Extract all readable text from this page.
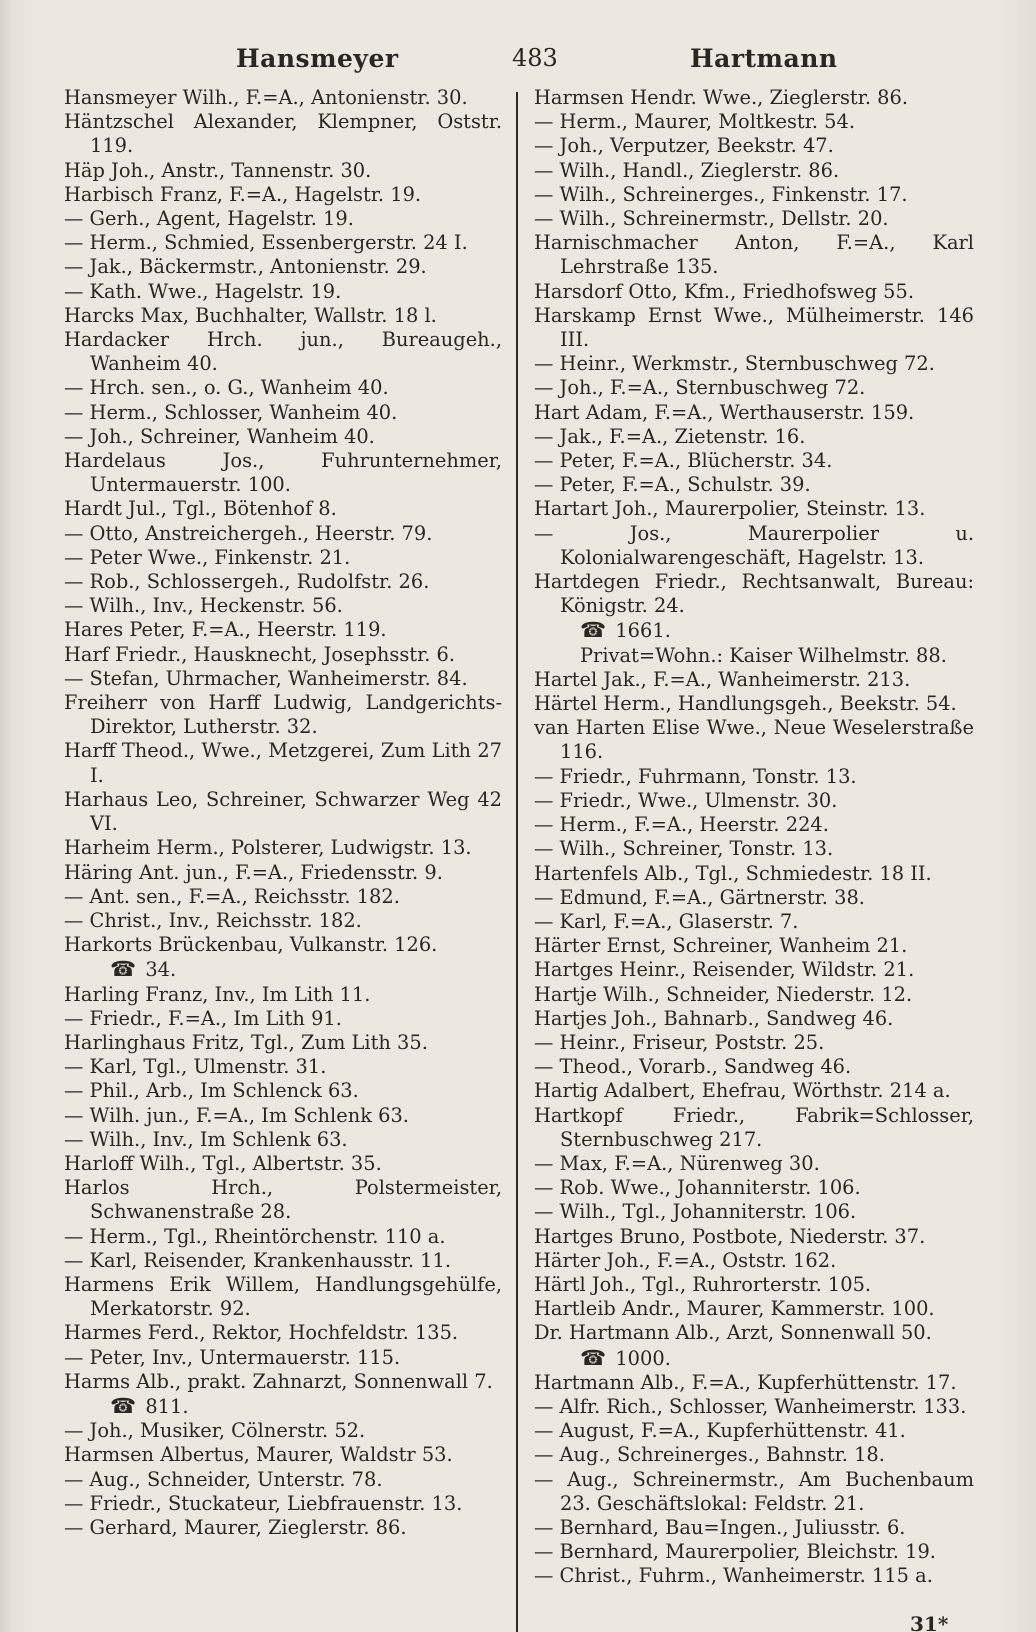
Hansmeyer	483	Hartmann
Hansmeyer Wilh., F.=A., Antonienstr. 30.
Häntzschel Alexander, Klempner, Oststr. 119.
Häp Joh., Anstr., Tannenstr. 30.
Harbisch Franz, F.=A., Hagelstr. 19.
— Gerh., Agent, Hagelstr. 19.
— Herm., Schmied, Essenbergerstr. 24 I.
— Jak., Bäckermstr., Antonienstr. 29.
— Kath. Wwe., Hagelstr. 19.
Harcks Max, Buchhalter, Wallstr. 18 l.
Hardacker Hrch. jun., Bureaugeh., Wanheim 40.
— Hrch. sen., o. G., Wanheim 40.
— Herm., Schlosser, Wanheim 40.
— Joh., Schreiner, Wanheim 40.
Hardelaus Jos., Fuhrunternehmer, Untermauerstr. 100.
Hardt Jul., Tgl., Bötenhof 8.
— Otto, Anstreichergeh., Heerstr. 79.
— Peter Wwe., Finkenstr. 21.
— Rob., Schlossergeh., Rudolfstr. 26.
— Wilh., Inv., Heckenstr. 56.
Hares Peter, F.=A., Heerstr. 119.
Harf Friedr., Hausknecht, Josephsstr. 6.
— Stefan, Uhrmacher, Wanheimerstr. 84.
Freiherr von Harff Ludwig, Landgerichts-Direktor, Lutherstr. 32.
Harff Theod., Wwe., Metzgerei, Zum Lith 27 I.
Harhaus Leo, Schreiner, Schwarzer Weg 42 VI.
Harheim Herm., Polsterer, Ludwigstr. 13.
Häring Ant. jun., F.=A., Friedensstr. 9.
— Ant. sen., F.=A., Reichsstr. 182.
— Christ., Inv., Reichsstr. 182.
Harkorts Brückenbau, Vulkanstr. 126.
☎ 34.
Harling Franz, Inv., Im Lith 11.
— Friedr., F.=A., Im Lith 91.
Harlinghaus Fritz, Tgl., Zum Lith 35.
— Karl, Tgl., Ulmenstr. 31.
— Phil., Arb., Im Schlenck 63.
— Wilh. jun., F.=A., Im Schlenk 63.
— Wilh., Inv., Im Schlenk 63.
Harloff Wilh., Tgl., Albertstr. 35.
Harlos Hrch., Polstermeister, Schwanenstraße 28.
— Herm., Tgl., Rheintörchenstr. 110 a.
— Karl, Reisender, Krankenhausstr. 11.
Harmens Erik Willem, Handlungsgehülfe, Merkatorstr. 92.
Harmes Ferd., Rektor, Hochfeldstr. 135.
— Peter, Inv., Untermauerstr. 115.
Harms Alb., prakt. Zahnarzt, Sonnenwall 7.
☎ 811.
— Joh., Musiker, Cölnerstr. 52.
Harmsen Albertus, Maurer, Waldstr 53.
— Aug., Schneider, Unterstr. 78.
— Friedr., Stuckateur, Liebfrauenstr. 13.
— Gerhard, Maurer, Zieglerstr. 86.
Harmsen Hendr. Wwe., Zieglerstr. 86.
— Herm., Maurer, Moltkestr. 54.
— Joh., Verputzer, Beekstr. 47.
— Wilh., Handl., Zieglerstr. 86.
— Wilh., Schreinerges., Finkenstr. 17.
— Wilh., Schreinermstr., Dellstr. 20.
Harnischmacher Anton, F.=A., Karl Lehrstraße 135.
Harsdorf Otto, Kfm., Friedhofsweg 55.
Harskamp Ernst Wwe., Mülheimerstr. 146 III.
— Heinr., Werkmstr., Sternbuschweg 72.
— Joh., F.=A., Sternbuschweg 72.
Hart Adam, F.=A., Werthauserstr. 159.
— Jak., F.=A., Zietenstr. 16.
— Peter, F.=A., Blücherstr. 34.
— Peter, F.=A., Schulstr. 39.
Hartart Joh., Maurerpolier, Steinstr. 13.
— Jos., Maurerpolier u. Kolonialwarengeschäft, Hagelstr. 13.
Hartdegen Friedr., Rechtsanwalt, Bureau: Königstr. 24.
☎ 1661.
Privat=Wohn.: Kaiser Wilhelmstr. 88.
Hartel Jak., F.=A., Wanheimerstr. 213.
Härtel Herm., Handlungsgeh., Beekstr. 54.
van Harten Elise Wwe., Neue Weselerstraße 116.
— Friedr., Fuhrmann, Tonstr. 13.
— Friedr., Wwe., Ulmenstr. 30.
— Herm., F.=A., Heerstr. 224.
— Wilh., Schreiner, Tonstr. 13.
Hartenfels Alb., Tgl., Schmiedestr. 18 II.
— Edmund, F.=A., Gärtnerstr. 38.
— Karl, F.=A., Glaserstr. 7.
Härter Ernst, Schreiner, Wanheim 21.
Hartges Heinr., Reisender, Wildstr. 21.
Hartje Wilh., Schneider, Niederstr. 12.
Hartjes Joh., Bahnarb., Sandweg 46.
— Heinr., Friseur, Poststr. 25.
— Theod., Vorarb., Sandweg 46.
Hartig Adalbert, Ehefrau, Wörthstr. 214 a.
Hartkopf Friedr., Fabrik=Schlosser, Sternbuschweg 217.
— Max, F.=A., Nürenweg 30.
— Rob. Wwe., Johanniterstr. 106.
— Wilh., Tgl., Johanniterstr. 106.
Hartges Bruno, Postbote, Niederstr. 37.
Härter Joh., F.=A., Oststr. 162.
Härtl Joh., Tgl., Ruhrorterstr. 105.
Hartleib Andr., Maurer, Kammerstr. 100.
Dr. Hartmann Alb., Arzt, Sonnenwall 50.
☎ 1000.
Hartmann Alb., F.=A., Kupferhüttenstr. 17.
— Alfr. Rich., Schlosser, Wanheimerstr. 133.
— August, F.=A., Kupferhüttenstr. 41.
— Aug., Schreinerges., Bahnstr. 18.
— Aug., Schreinermstr., Am Buchenbaum 23. Geschäftslokal: Feldstr. 21.
— Bernhard, Bau=Ingen., Juliusstr. 6.
— Bernhard, Maurerpolier, Bleichstr. 19.
— Christ., Fuhrm., Wanheimerstr. 115 a.
31*
